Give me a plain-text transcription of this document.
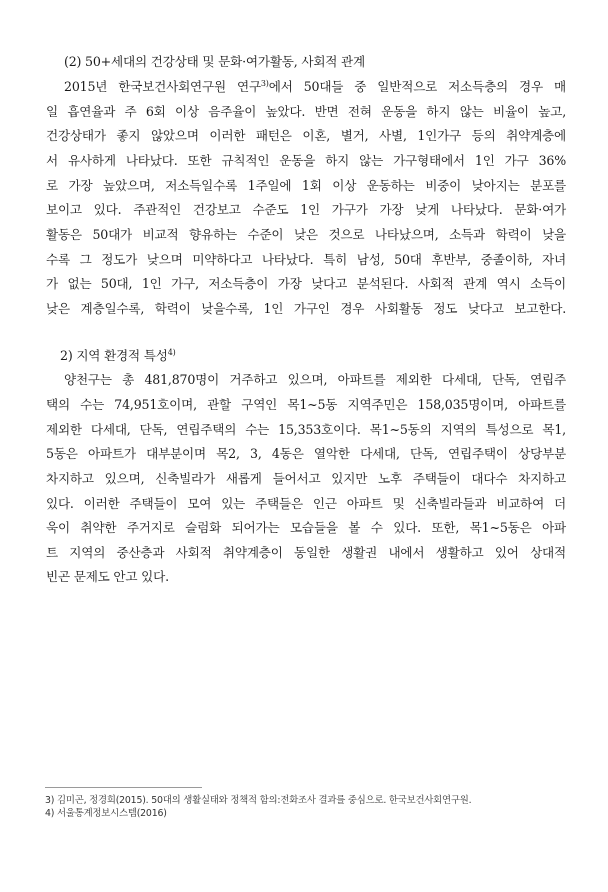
(2) 50+세대의 건강상태 및 문화·여가활동, 사회적 관계
2015년 한국보건사회연구원 연구$^{3)}$에서 50대들 중 일반적으로 저소득층의 경우 매
일 흡연율과 주 6회 이상 음주율이 높았다. 반면 전혀 운동을 하지 않는 비율이 높고,
건강상태가 좋지 않았으며 이러한 패턴은 이혼, 별거, 사별, 1인가구 등의 취약계층에
서 유사하게 나타났다. 또한 규칙적인 운동을 하지 않는 가구형태에서 1인 가구 36%
로 가장 높았으며, 저소득일수록 1주일에 1회 이상 운동하는 비중이 낮아지는 분포를
보이고 있다. 주관적인 건강보고 수준도 1인 가구가 가장 낮게 나타났다. 문화·여가
활동은 50대가 비교적 향유하는 수준이 낮은 것으로 나타났으며, 소득과 학력이 낮을
수록 그 정도가 낮으며 미약하다고 나타났다. 특히 남성, 50대 후반부, 중졸이하, 자녀
가 없는 50대, 1인 가구, 저소득층이 가장 낮다고 분석된다. 사회적 관계 역시 소득이
낮은 계층일수록, 학력이 낮을수록, 1인 가구인 경우 사회활동 정도 낮다고 보고한다.
2) 지역 환경적 특성$^{4)}$
양천구는 총 481,870명이 거주하고 있으며, 아파트를 제외한 다세대, 단독, 연립주
택의 수는 74,951호이며, 관할 구역인 목1~5동 지역주민은 158,035명이며, 아파트를
제외한 다세대, 단독, 연립주택의 수는 15,353호이다. 목1~5동의 지역의 특성으로 목1,
5동은 아파트가 대부분이며 목2, 3, 4동은 열악한 다세대, 단독, 연립주택이 상당부분
차지하고 있으며, 신축빌라가 새롭게 들어서고 있지만 노후 주택들이 대다수 차지하고
있다. 이러한 주택들이 모여 있는 주택들은 인근 아파트 및 신축빌라들과 비교하여 더
욱이 취약한 주거지로 슬럼화 되어가는 모습들을 볼 수 있다. 또한, 목1~5동은 아파
트 지역의 중산층과 사회적 취약계층이 동일한 생활권 내에서 생활하고 있어 상대적
빈곤 문제도 안고 있다.
3) 김미곤, 정경희(2015). 50대의 생활실태와 정책적 함의:전화조사 결과를 중심으로. 한국보건사회연구원.
4) 서울통계정보시스템(2016)
